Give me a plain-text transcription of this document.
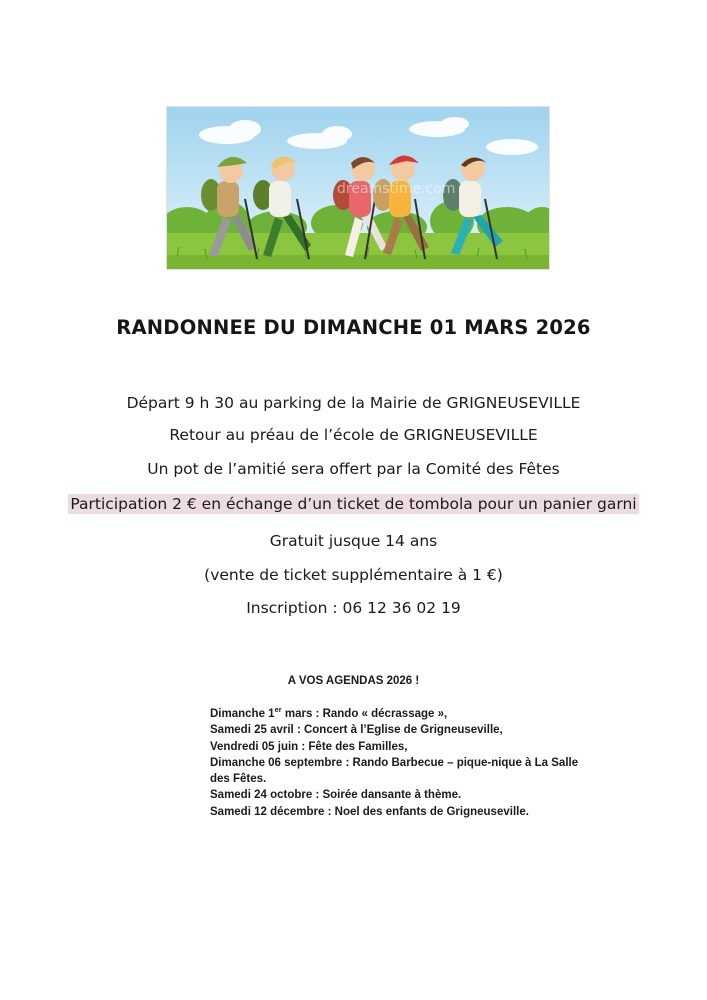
dreamstime.com
RANDONNEE DU DIMANCHE 01 MARS 2026
Départ 9 h 30 au parking de la Mairie de GRIGNEUSEVILLE
Retour au préau de l’école de GRIGNEUSEVILLE
Un pot de l’amitié sera offert par la Comité des Fêtes
Participation 2 € en échange d’un ticket de tombola pour un panier garni
Gratuit jusque 14 ans
(vente de ticket supplémentaire à 1 €)
Inscription : 06 12 36 02 19
A VOS AGENDAS 2026 !
Dimanche 1er mars : Rando « décrassage »,
Samedi 25 avril : Concert à l’Eglise de Grigneuseville,
Vendredi 05 juin : Fête des Familles,
Dimanche 06 septembre : Rando Barbecue – pique-nique à La Salle des Fêtes.
Samedi 24 octobre : Soirée dansante à thème.
Samedi 12 décembre : Noel des enfants de Grigneuseville.
